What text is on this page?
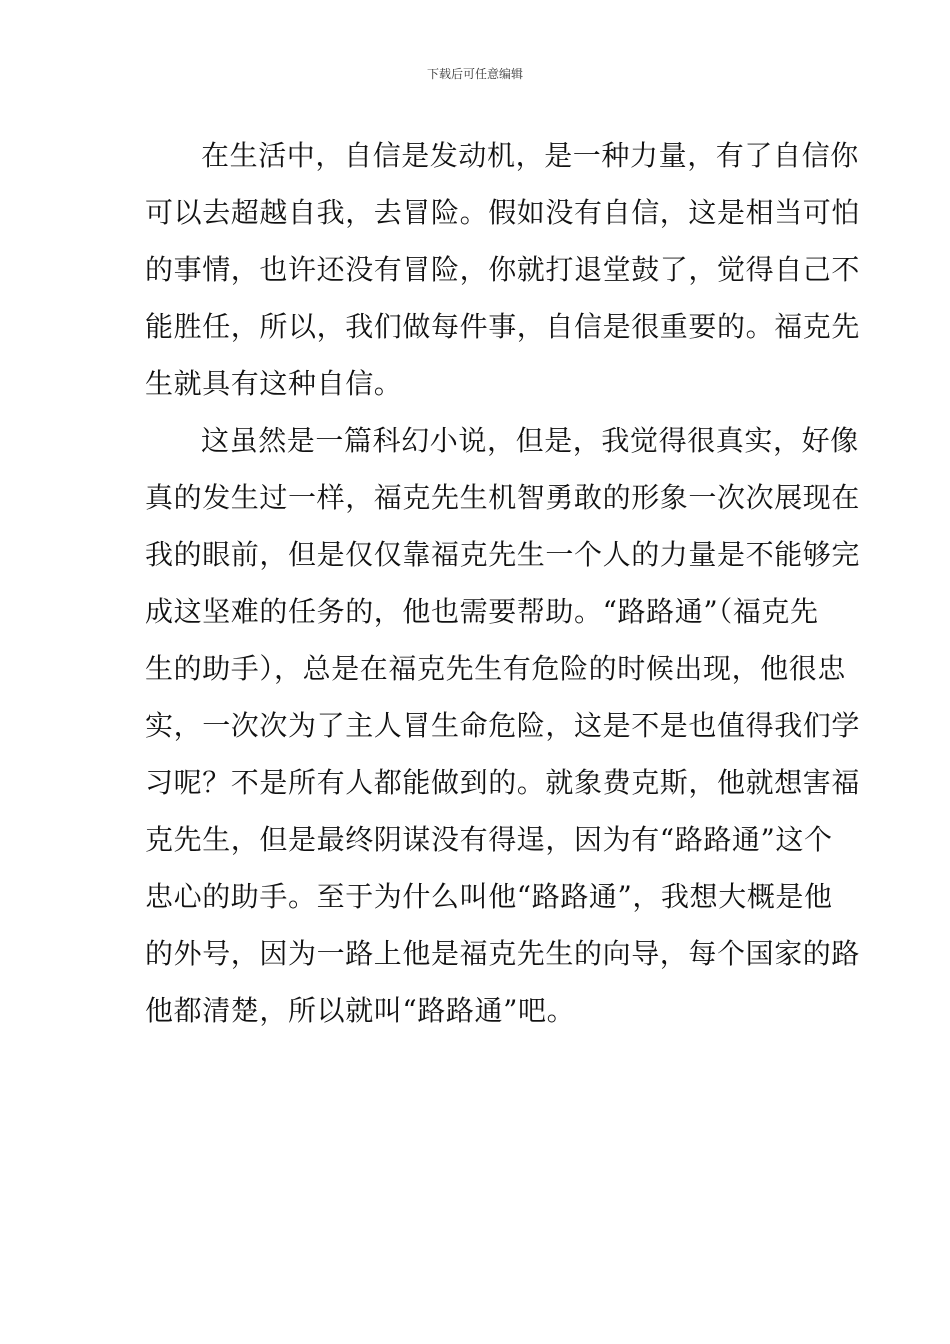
下载后可任意编辑
在生活中，自信是发动机，是一种力量，有了自信你
可以去超越自我，去冒险。假如没有自信，这是相当可怕
的事情，也许还没有冒险，你就打退堂鼓了，觉得自己不
能胜任，所以，我们做每件事，自信是很重要的。福克先
生就具有这种自信。
这虽然是一篇科幻小说，但是，我觉得很真实，好像
真的发生过一样，福克先生机智勇敢的形象一次次展现在
我的眼前，但是仅仅靠福克先生一个人的力量是不能够完
成这坚难的任务的，他也需要帮助。“路路通”（福克先
生的助手），总是在福克先生有危险的时候出现，他很忠
实，一次次为了主人冒生命危险，这是不是也值得我们学
习呢？不是所有人都能做到的。就象费克斯，他就想害福
克先生，但是最终阴谋没有得逞，因为有“路路通”这个
忠心的助手。至于为什么叫他“路路通”，我想大概是他
的外号，因为一路上他是福克先生的向导，每个国家的路
他都清楚，所以就叫“路路通”吧。
